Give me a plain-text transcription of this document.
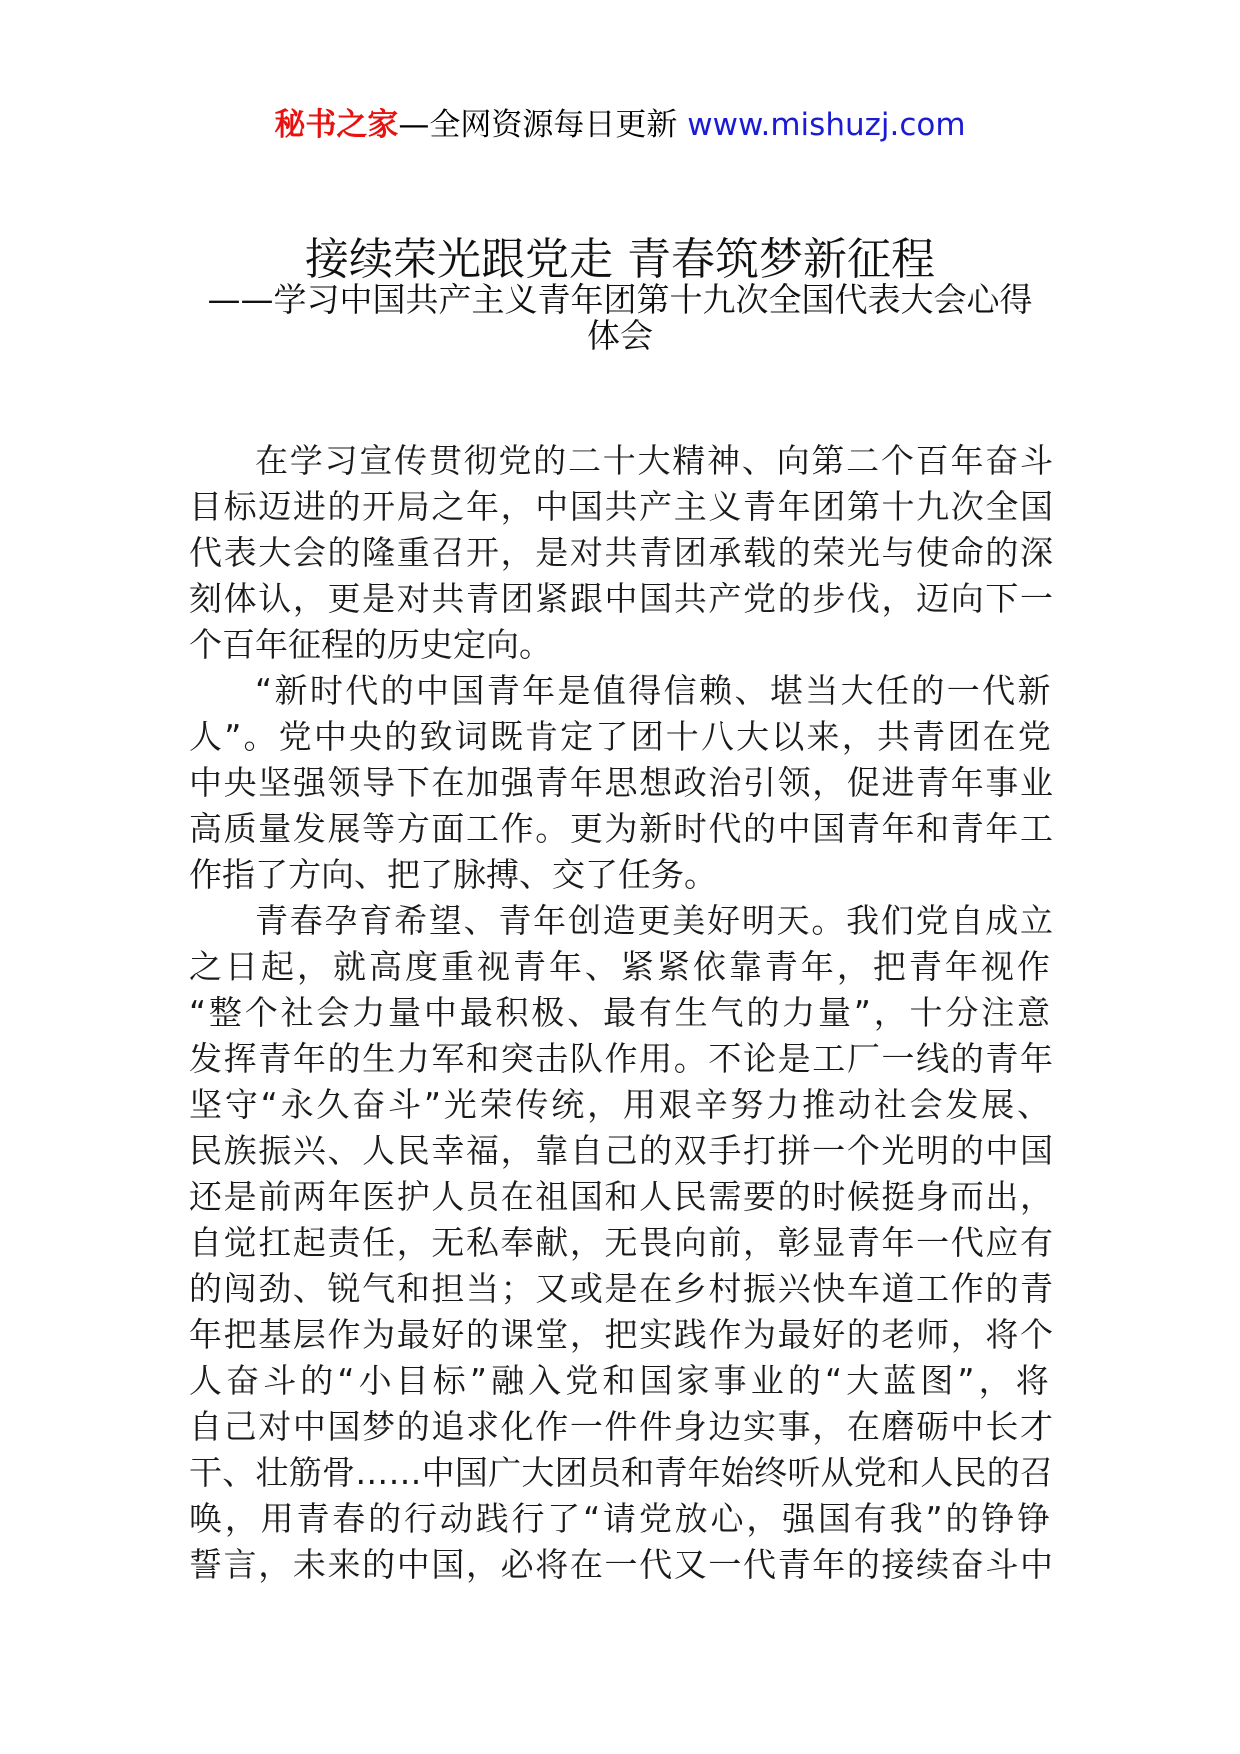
秘书之家—全网资源每日更新 www.mishuzj.com
接续荣光跟党走 青春筑梦新征程
——学习中国共产主义青年团第十九次全国代表大会心得
体会
在学习宣传贯彻党的二十大精神、向第二个百年奋斗
目标迈进的开局之年，中国共产主义青年团第十九次全国
代表大会的隆重召开，是对共青团承载的荣光与使命的深
刻体认，更是对共青团紧跟中国共产党的步伐，迈向下一
个百年征程的历史定向。
“新时代的中国青年是值得信赖、堪当大任的一代新
人”。党中央的致词既肯定了团十八大以来，共青团在党
中央坚强领导下在加强青年思想政治引领，促进青年事业
高质量发展等方面工作。更为新时代的中国青年和青年工
作指了方向、把了脉搏、交了任务。
青春孕育希望、青年创造更美好明天。我们党自成立
之日起，就高度重视青年、紧紧依靠青年，把青年视作
“整个社会力量中最积极、最有生气的力量”，十分注意
发挥青年的生力军和突击队作用。不论是工厂一线的青年
坚守“永久奋斗”光荣传统，用艰辛努力推动社会发展、
民族振兴、人民幸福，靠自己的双手打拼一个光明的中国
还是前两年医护人员在祖国和人民需要的时候挺身而出，
自觉扛起责任，无私奉献，无畏向前，彰显青年一代应有
的闯劲、锐气和担当；又或是在乡村振兴快车道工作的青
年把基层作为最好的课堂，把实践作为最好的老师，将个
人奋斗的“小目标”融入党和国家事业的“大蓝图”，将
自己对中国梦的追求化作一件件身边实事，在磨砺中长才
干、壮筋骨……中国广大团员和青年始终听从党和人民的召
唤，用青春的行动践行了“请党放心，强国有我”的铮铮
誓言，未来的中国，必将在一代又一代青年的接续奋斗中
